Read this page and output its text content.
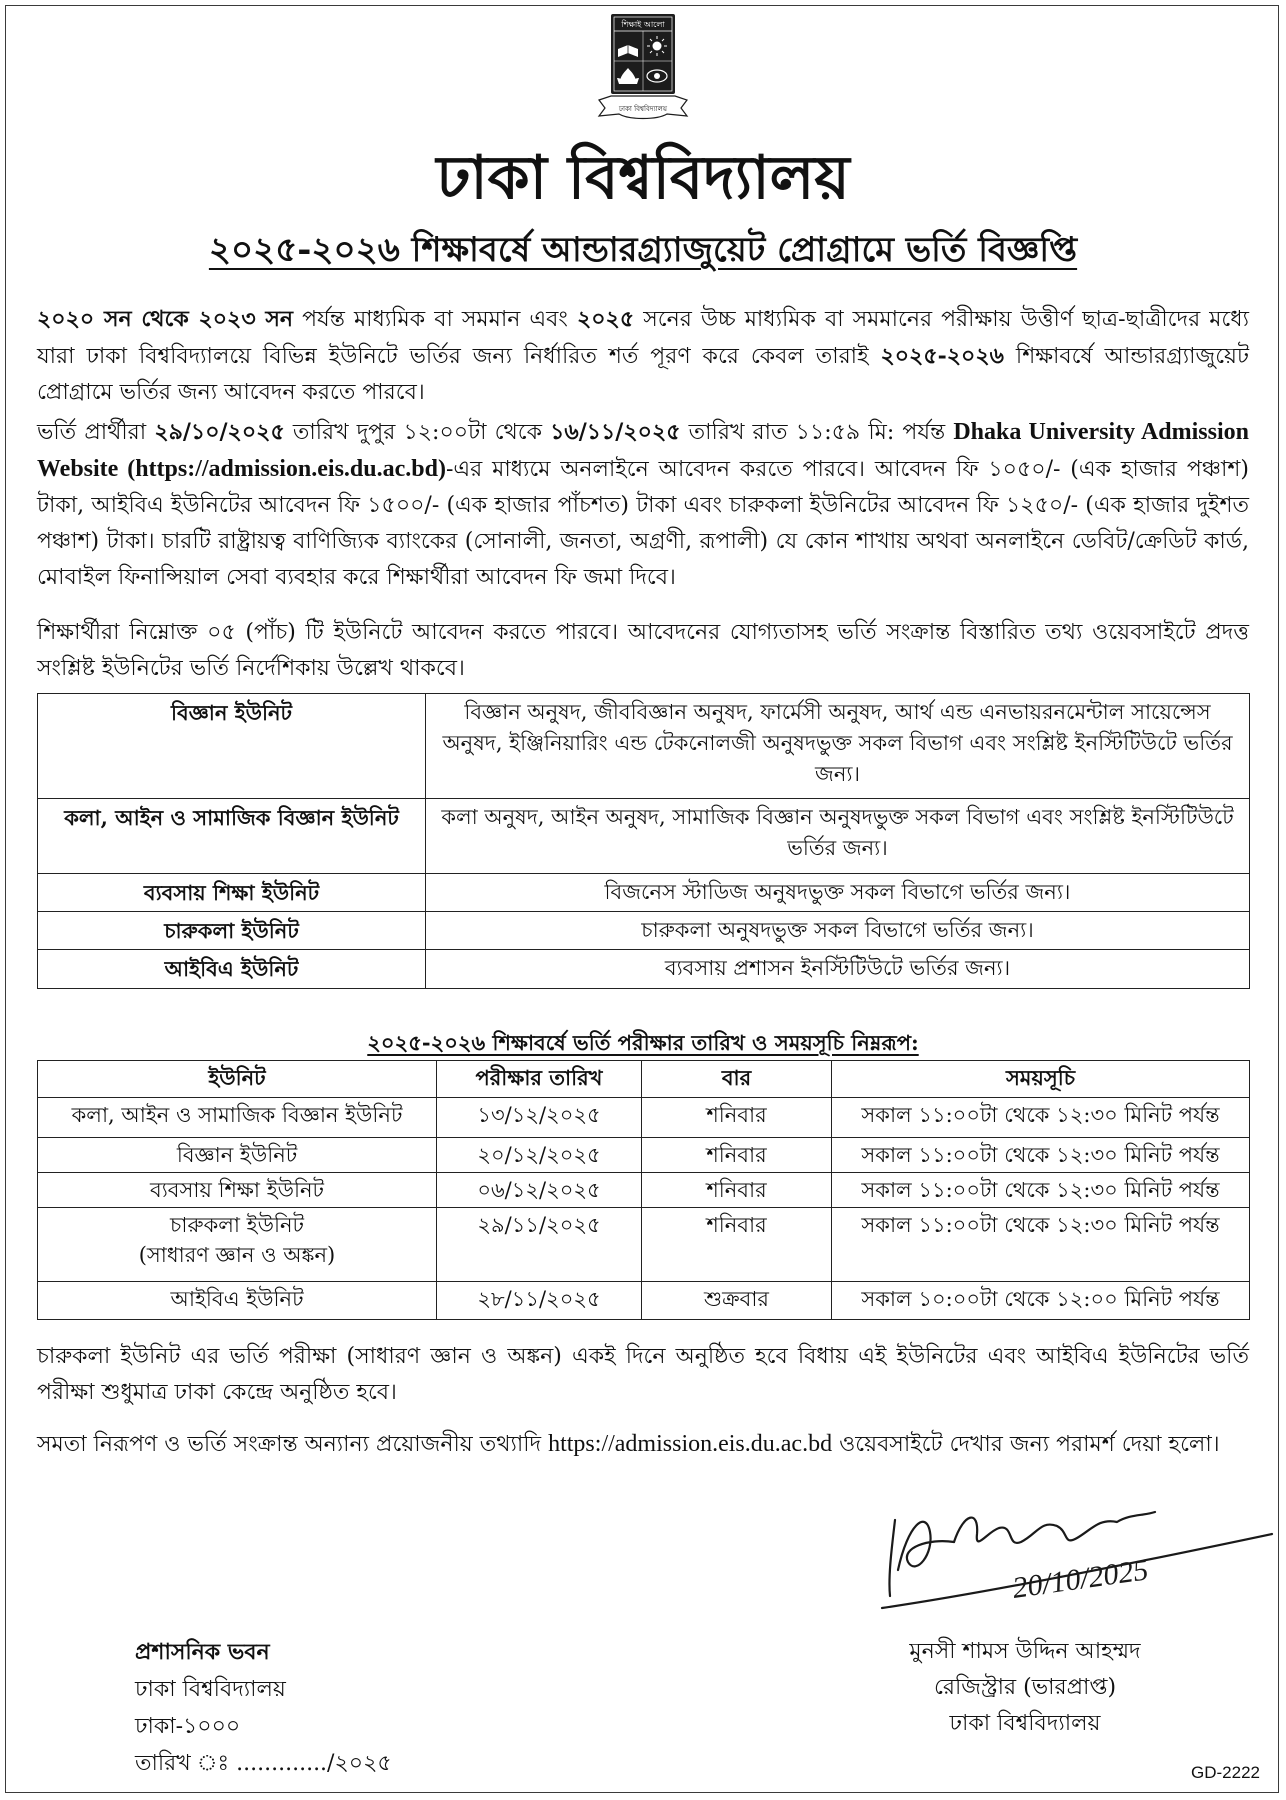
শিক্ষাই আলো
ঢাকা বিশ্ববিদ্যালয়
ঢাকা বিশ্ববিদ্যালয়
২০২৫-২০২৬ শিক্ষাবর্ষে আন্ডারগ্র্যাজুয়েট প্রোগ্রামে ভর্তি বিজ্ঞপ্তি

২০২০ সন থেকে ২০২৩ সন পর্যন্ত মাধ্যমিক বা সমমান এবং ২০২৫ সনের উচ্চ মাধ্যমিক বা সমমানের পরীক্ষায় উত্তীর্ণ ছাত্র-ছাত্রীদের মধ্যে যারা ঢাকা বিশ্ববিদ্যালয়ে বিভিন্ন ইউনিটে ভর্তির জন্য নির্ধারিত শর্ত পূরণ করে কেবল তারাই ২০২৫-২০২৬ শিক্ষাবর্ষে আন্ডারগ্র্যাজুয়েট প্রোগ্রামে ভর্তির জন্য আবেদন করতে পারবে।

ভর্তি প্রার্থীরা ২৯/১০/২০২৫ তারিখ দুপুর ১২:০০টা থেকে ১৬/১১/২০২৫ তারিখ রাত ১১:৫৯ মি: পর্যন্ত Dhaka University Admission Website (https://admission.eis.du.ac.bd)-এর মাধ্যমে অনলাইনে আবেদন করতে পারবে। আবেদন ফি ১০৫০/- (এক হাজার পঞ্চাশ) টাকা, আইবিএ ইউনিটের আবেদন ফি ১৫০০/- (এক হাজার পাঁচশত) টাকা এবং চারুকলা ইউনিটের আবেদন ফি ১২৫০/- (এক হাজার দুইশত পঞ্চাশ) টাকা। চারটি রাষ্ট্রায়ত্ব বাণিজ্যিক ব্যাংকের (সোনালী, জনতা, অগ্রণী, রূপালী) যে কোন শাখায় অথবা অনলাইনে ডেবিট/ক্রেডিট কার্ড, মোবাইল ফিনান্সিয়াল সেবা ব্যবহার করে শিক্ষার্থীরা আবেদন ফি জমা দিবে।

শিক্ষার্থীরা নিম্নোক্ত ০৫ (পাঁচ) টি ইউনিটে আবেদন করতে পারবে। আবেদনের যোগ্যতাসহ ভর্তি সংক্রান্ত বিস্তারিত তথ্য ওয়েবসাইটে প্রদত্ত সংশ্লিষ্ট ইউনিটের ভর্তি নির্দেশিকায় উল্লেখ থাকবে।

বিজ্ঞান ইউনিট	বিজ্ঞান অনুষদ, জীববিজ্ঞান অনুষদ, ফার্মেসী অনুষদ, আর্থ এন্ড এনভায়রনমেন্টাল সায়েন্সেস অনুষদ, ইঞ্জিনিয়ারিং এন্ড টেকনোলজী অনুষদভুক্ত সকল বিভাগ এবং সংশ্লিষ্ট ইনস্টিটিউটে ভর্তির জন্য।
কলা, আইন ও সামাজিক বিজ্ঞান ইউনিট	কলা অনুষদ, আইন অনুষদ, সামাজিক বিজ্ঞান অনুষদভুক্ত সকল বিভাগ এবং সংশ্লিষ্ট ইনস্টিটিউটে ভর্তির জন্য।
ব্যবসায় শিক্ষা ইউনিট	বিজনেস স্টাডিজ অনুষদভুক্ত সকল বিভাগে ভর্তির জন্য।
চারুকলা ইউনিট	চারুকলা অনুষদভুক্ত সকল বিভাগে ভর্তির জন্য।
আইবিএ ইউনিট	ব্যবসায় প্রশাসন ইনস্টিটিউটে ভর্তির জন্য।
২০২৫-২০২৬ শিক্ষাবর্ষে ভর্তি পরীক্ষার তারিখ ও সময়সূচি নিম্নরূপ:
ইউনিট	পরীক্ষার তারিখ	বার	সময়সূচি
কলা, আইন ও সামাজিক বিজ্ঞান ইউনিট	১৩/১২/২০২৫	শনিবার	সকাল ১১:০০টা থেকে ১২:৩০ মিনিট পর্যন্ত
বিজ্ঞান ইউনিট	২০/১২/২০২৫	শনিবার	সকাল ১১:০০টা থেকে ১২:৩০ মিনিট পর্যন্ত
ব্যবসায় শিক্ষা ইউনিট	০৬/১২/২০২৫	শনিবার	সকাল ১১:০০টা থেকে ১২:৩০ মিনিট পর্যন্ত

চারুকলা ইউনিট
(সাধারণ জ্ঞান ও অঙ্কন)	২৯/১১/২০২৫	শনিবার	সকাল ১১:০০টা থেকে ১২:৩০ মিনিট পর্যন্ত
আইবিএ ইউনিট	২৮/১১/২০২৫	শুক্রবার	সকাল ১০:০০টা থেকে ১২:০০ মিনিট পর্যন্ত

চারুকলা ইউনিট এর ভর্তি পরীক্ষা (সাধারণ জ্ঞান ও অঙ্কন) একই দিনে অনুষ্ঠিত হবে বিধায় এই ইউনিটের এবং আইবিএ ইউনিটের ভর্তি পরীক্ষা শুধুমাত্র ঢাকা কেন্দ্রে অনুষ্ঠিত হবে।

সমতা নিরূপণ ও ভর্তি সংক্রান্ত অন্যান্য প্রয়োজনীয় তথ্যাদি https://admission.eis.du.ac.bd ওয়েবসাইটে দেখার জন্য পরামর্শ দেয়া হলো।

20/10/2025
প্রশাসনিক ভবন
ঢাকা বিশ্ববিদ্যালয়
ঢাকা-১০০০
তারিখ ঃ ............./২০২৫
মুনসী শামস উদ্দিন আহম্মদ
রেজিস্ট্রার (ভারপ্রাপ্ত)
ঢাকা বিশ্ববিদ্যালয়
GD-2222
